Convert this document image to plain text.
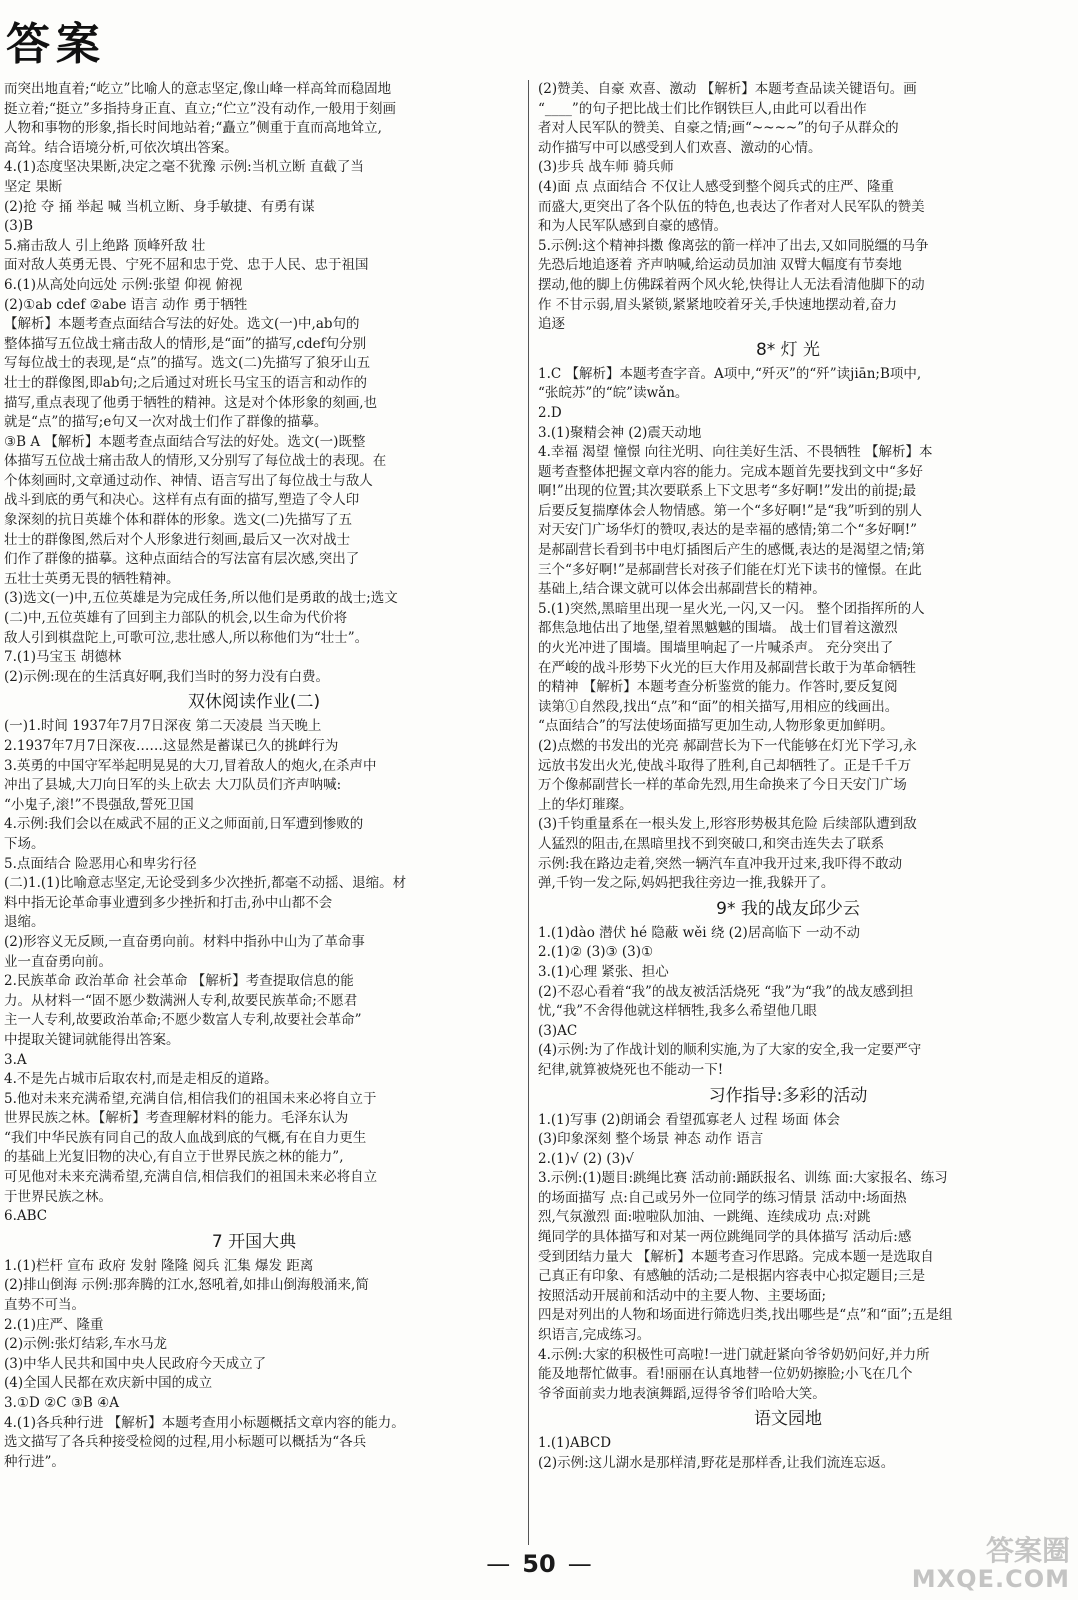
答案
而突出地直着;“屹立”比喻人的意志坚定,像山峰一样高耸而稳固地
挺立着;“挺立”多指持身正直、直立;“伫立”没有动作,一般用于刻画
人物和事物的形象,指长时间地站着;“矗立”侧重于直而高地耸立,
高耸。结合语境分析,可依次填出答案。
4.(1)态度坚决果断,决定之毫不犹豫 示例:当机立断 直截了当
坚定 果断
(2)抢 夺 捅 举起 喊 当机立断、身手敏捷、有勇有谋
(3)B
5.痛击敌人 引上绝路 顶峰歼敌 壮
面对敌人英勇无畏、宁死不屈和忠于党、忠于人民、忠于祖国
6.(1)从高处向远处 示例:张望 仰视 俯视
(2)①ab cdef ②abe 语言 动作 勇于牺牲
【解析】本题考查点面结合写法的好处。选文(一)中,ab句的
整体描写五位战士痛击敌人的情形,是“面”的描写,cdef句分别
写每位战士的表现,是“点”的描写。选文(二)先描写了狼牙山五
壮士的群像图,即ab句;之后通过对班长马宝玉的语言和动作的
描写,重点表现了他勇于牺牲的精神。这是对个体形象的刻画,也
就是“点”的描写;e句又一次对战士们作了群像的描摹。
③B A 【解析】本题考查点面结合写法的好处。选文(一)既整
体描写五位战士痛击敌人的情形,又分别写了每位战士的表现。在
个体刻画时,文章通过动作、神情、语言写出了每位战士与敌人
战斗到底的勇气和决心。这样有点有面的描写,塑造了令人印
象深刻的抗日英雄个体和群体的形象。选文(二)先描写了五
壮士的群像图,然后对个人形象进行刻画,最后又一次对战士
们作了群像的描摹。这种点面结合的写法富有层次感,突出了
五壮士英勇无畏的牺牲精神。
(3)选文(一)中,五位英雄是为完成任务,所以他们是勇敢的战士;选文
(二)中,五位英雄有了回到主力部队的机会,以生命为代价将
敌人引到棋盘陀上,可歌可泣,悲壮感人,所以称他们为“壮士”。
7.(1)马宝玉 胡德林
(2)示例:现在的生活真好啊,我们当时的努力没有白费。
双休阅读作业(二)
(一)1.时间 1937年7月7日深夜 第二天凌晨 当天晚上
2.1937年7月7日深夜……这显然是蓄谋已久的挑衅行为
3.英勇的中国守军举起明晃晃的大刀,冒着敌人的炮火,在杀声中
冲出了县城,大刀向日军的头上砍去 大刀队员们齐声呐喊:
“小鬼子,滚!”不畏强敌,誓死卫国
4.示例:我们会以在威武不屈的正义之师面前,日军遭到惨败的
下场。
5.点面结合 险恶用心和卑劣行径
(二)1.(1)比喻意志坚定,无论受到多少次挫折,都毫不动摇、退缩。材
料中指无论革命事业遭到多少挫折和打击,孙中山都不会
退缩。
(2)形容义无反顾,一直奋勇向前。材料中指孙中山为了革命事
业一直奋勇向前。
2.民族革命 政治革命 社会革命 【解析】考查提取信息的能
力。从材料一“固不愿少数满洲人专利,故要民族革命;不愿君
主一人专利,故要政治革命;不愿少数富人专利,故要社会革命”
中提取关键词就能得出答案。
3.A
4.不是先占城市后取农村,而是走相反的道路。
5.他对未来充满希望,充满自信,相信我们的祖国未来必将自立于
世界民族之林。【解析】考查理解材料的能力。毛泽东认为
“我们中华民族有同自己的敌人血战到底的气概,有在自力更生
的基础上光复旧物的决心,有自立于世界民族之林的能力”,
可见他对未来充满希望,充满自信,相信我们的祖国未来必将自立
于世界民族之林。
6.ABC
7 开国大典
1.(1)栏杆 宣布 政府 发射 隆隆 阅兵 汇集 爆发 距离
(2)排山倒海 示例:那奔腾的江水,怒吼着,如排山倒海般涌来,简
直势不可当。
2.(1)庄严、隆重
(2)示例:张灯结彩,车水马龙
(3)中华人民共和国中央人民政府今天成立了
(4)全国人民都在欢庆新中国的成立
3.①D ②C ③B ④A
4.(1)各兵种行进 【解析】本题考查用小标题概括文章内容的能力。
选文描写了各兵种接受检阅的过程,用小标题可以概括为“各兵
种行进”。
(2)赞美、自豪 欢喜、激动 【解析】本题考查品读关键语句。画
“____”的句子把比战士们比作钢铁巨人,由此可以看出作
者对人民军队的赞美、自豪之情;画“~~~~”的句子从群众的
动作描写中可以感受到人们欢喜、激动的心情。
(3)步兵 战车师 骑兵师
(4)面 点 点面结合 不仅让人感受到整个阅兵式的庄严、隆重
而盛大,更突出了各个队伍的特色,也表达了作者对人民军队的赞美
和为人民军队感到自豪的感情。
5.示例:这个精神抖擞 像离弦的箭一样冲了出去,又如同脱缰的马争
先恐后地追逐着 齐声呐喊,给运动员加油 双臂大幅度有节奏地
摆动,他的脚上仿佛踩着两个风火轮,快得让人无法看清他脚下的动
作 不甘示弱,眉头紧锁,紧紧地咬着牙关,手快速地摆动着,奋力
追逐
8* 灯 光
1.C 【解析】本题考查字音。A项中,“歼灭”的“歼”读jiān;B项中,
“张皖苏”的“皖”读wǎn。
2.D
3.(1)聚精会神 (2)震天动地
4.幸福 渴望 憧憬 向往光明、向往美好生活、不畏牺牲 【解析】本
题考查整体把握文章内容的能力。完成本题首先要找到文中“多好
啊!”出现的位置;其次要联系上下文思考“多好啊!”发出的前提;最
后要反复揣摩体会人物情感。第一个“多好啊!”是“我”听到的别人
对天安门广场华灯的赞叹,表达的是幸福的感情;第二个“多好啊!”
是郝副营长看到书中电灯插图后产生的感慨,表达的是渴望之情;第
三个“多好啊!”是郝副营长对孩子们能在灯光下读书的憧憬。在此
基础上,结合课文就可以体会出郝副营长的精神。
5.(1)突然,黑暗里出现一星火光,一闪,又一闪。 整个团指挥所的人
都焦急地估出了地堡,望着黑魆魆的围墙。 战士们冒着这激烈
的火光冲进了围墙。围墙里响起了一片喊杀声。 充分突出了
在严峻的战斗形势下火光的巨大作用及郝副营长敢于为革命牺牲
的精神 【解析】本题考查分析鉴赏的能力。作答时,要反复阅
读第①自然段,找出“点”和“面”的相关描写,用相应的线画出。
“点面结合”的写法使场面描写更加生动,人物形象更加鲜明。
(2)点燃的书发出的光亮 郝副营长为下一代能够在灯光下学习,永
远放书发出火光,使战斗取得了胜利,自己却牺牲了。正是千千万
万个像郝副营长一样的革命先烈,用生命换来了今日天安门广场
上的华灯璀璨。
(3)千钧重量系在一根头发上,形容形势极其危险 后续部队遭到敌
人猛烈的阻击,在黑暗里找不到突破口,和突击连失去了联系
示例:我在路边走着,突然一辆汽车直冲我开过来,我吓得不敢动
弹,千钧一发之际,妈妈把我往旁边一推,我躲开了。
9* 我的战友邱少云
1.(1)dào 潜伏 hé 隐蔽 wěi 绕 (2)居高临下 一动不动
2.(1)② (3)③ (3)①
3.(1)心理 紧张、担心
(2)不忍心看着“我”的战友被活活烧死 “我”为“我”的战友感到担
忧,“我”不舍得他就这样牺牲,我多么希望他几眼
(3)AC
(4)示例:为了作战计划的顺利实施,为了大家的安全,我一定要严守
纪律,就算被烧死也不能动一下!
习作指导:多彩的活动
1.(1)写事 (2)朗诵会 看望孤寡老人 过程 场面 体会
(3)印象深刻 整个场景 神态 动作 语言
2.(1)√ (2) (3)√
3.示例:(1)题目:跳绳比赛 活动前:踊跃报名、训练 面:大家报名、练习
的场面描写 点:自己或另外一位同学的练习情景 活动中:场面热
烈,气氛激烈 面:啦啦队加油、一跳绳、连续成功 点:对跳
绳同学的具体描写和对某一两位跳绳同学的具体描写 活动后:感
受到团结力量大 【解析】本题考查习作思路。完成本题一是选取自
己真正有印象、有感触的活动;二是根据内容表中心拟定题目;三是
按照活动开展前和活动中的主要人物、主要场面;
四是对列出的人物和场面进行筛选归类,找出哪些是“点”和“面”;五是组
织语言,完成练习。
4.示例:大家的积极性可高啦!一进门就赶紧向爷爷奶奶问好,并力所
能及地帮忙做事。看!丽丽在认真地替一位奶奶擦脸;小飞在几个
爷爷面前卖力地表演舞蹈,逗得爷爷们哈哈大笑。
语文园地
1.(1)ABCD
(2)示例:这儿湖水是那样清,野花是那样香,让我们流连忘返。
— 50 —	答案圈
MXQE.COM
